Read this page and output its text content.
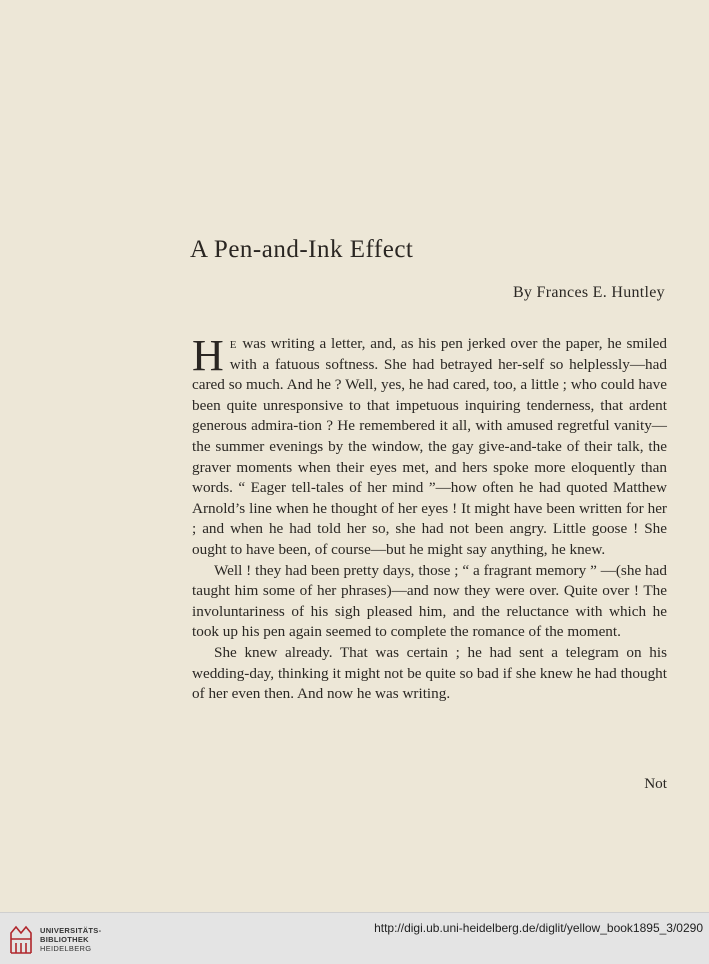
A Pen-and-Ink Effect
By Frances E. Huntley

He was writing a letter, and, as his pen jerked over the paper, he smiled with a fatuous softness. She had betrayed her-self so helplessly—had cared so much. And he ? Well, yes, he had cared, too, a little ; who could have been quite unresponsive to that impetuous inquiring tenderness, that ardent generous admira-tion ? He remembered it all, with amused regretful vanity—the summer evenings by the window, the gay give-and-take of their talk, the graver moments when their eyes met, and hers spoke more eloquently than words. “ Eager tell-tales of her mind ”—how often he had quoted Matthew Arnold’s line when he thought of her eyes ! It might have been written for her ; and when he had told her so, she had not been angry. Little goose ! She ought to have been, of course—but he might say anything, he knew.

Well ! they had been pretty days, those ; “ a fragrant memory ” —(she had taught him some of her phrases)—and now they were over. Quite over ! The involuntariness of his sigh pleased him, and the reluctance with which he took up his pen again seemed to complete the romance of the moment.

She knew already. That was certain ; he had sent a telegram on his wedding-day, thinking it might not be quite so bad if she knew he had thought of her even then. And now he was writing.

Not
UNIVERSITÄTS-
BIBLIOTHEK
HEIDELBERG
http://digi.ub.uni-heidelberg.de/diglit/yellow_book1895_3/0290
